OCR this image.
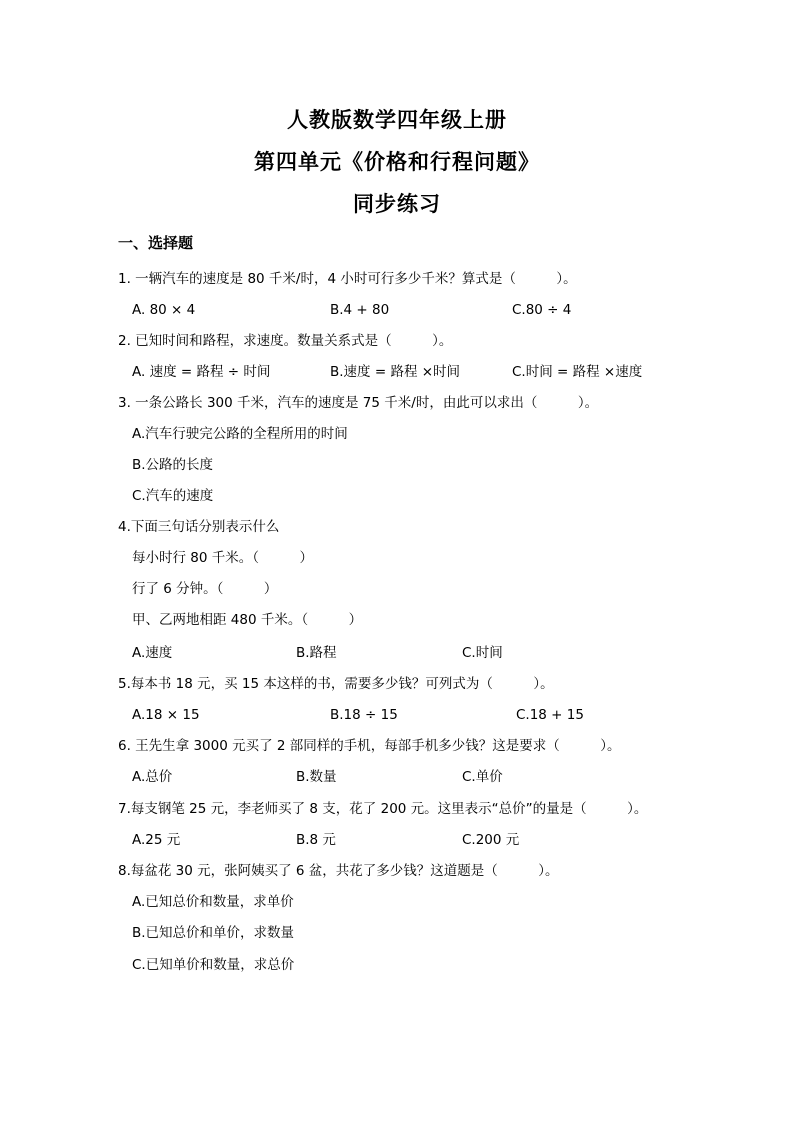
人教版数学四年级上册
第四单元《价格和行程问题》
同步练习
一、选择题
1. 一辆汽车的速度是 80 千米/时，4 小时可行多少千米？算式是（　　　）。
A. 80 × 4	B.4 + 80	C.80 ÷ 4
2. 已知时间和路程，求速度。数量关系式是（　　　）。
A. 速度 = 路程 ÷ 时间	B.速度 = 路程 ×时间	C.时间 = 路程 ×速度
3. 一条公路长 300 千米，汽车的速度是 75 千米/时，由此可以求出（　　　）。
A.汽车行驶完公路的全程所用的时间
B.公路的长度
C.汽车的速度
4.下面三句话分别表示什么
每小时行 80 千米。（　　　）
行了 6 分钟。（　　　）
甲、乙两地相距 480 千米。（　　　）
A.速度	B.路程	C.时间
5.每本书 18 元，买 15 本这样的书，需要多少钱？可列式为（　　　）。
A.18 × 15	B.18 ÷ 15	C.18 + 15
6. 王先生拿 3000 元买了 2 部同样的手机，每部手机多少钱？这是要求（　　　）。
A.总价	B.数量	C.单价
7.每支钢笔 25 元，李老师买了 8 支，花了 200 元。这里表示“总价”的量是（　　　）。
A.25 元	B.8 元	C.200 元
8.每盆花 30 元，张阿姨买了 6 盆，共花了多少钱？这道题是（　　　）。
A.已知总价和数量，求单价
B.已知总价和单价，求数量
C.已知单价和数量，求总价
